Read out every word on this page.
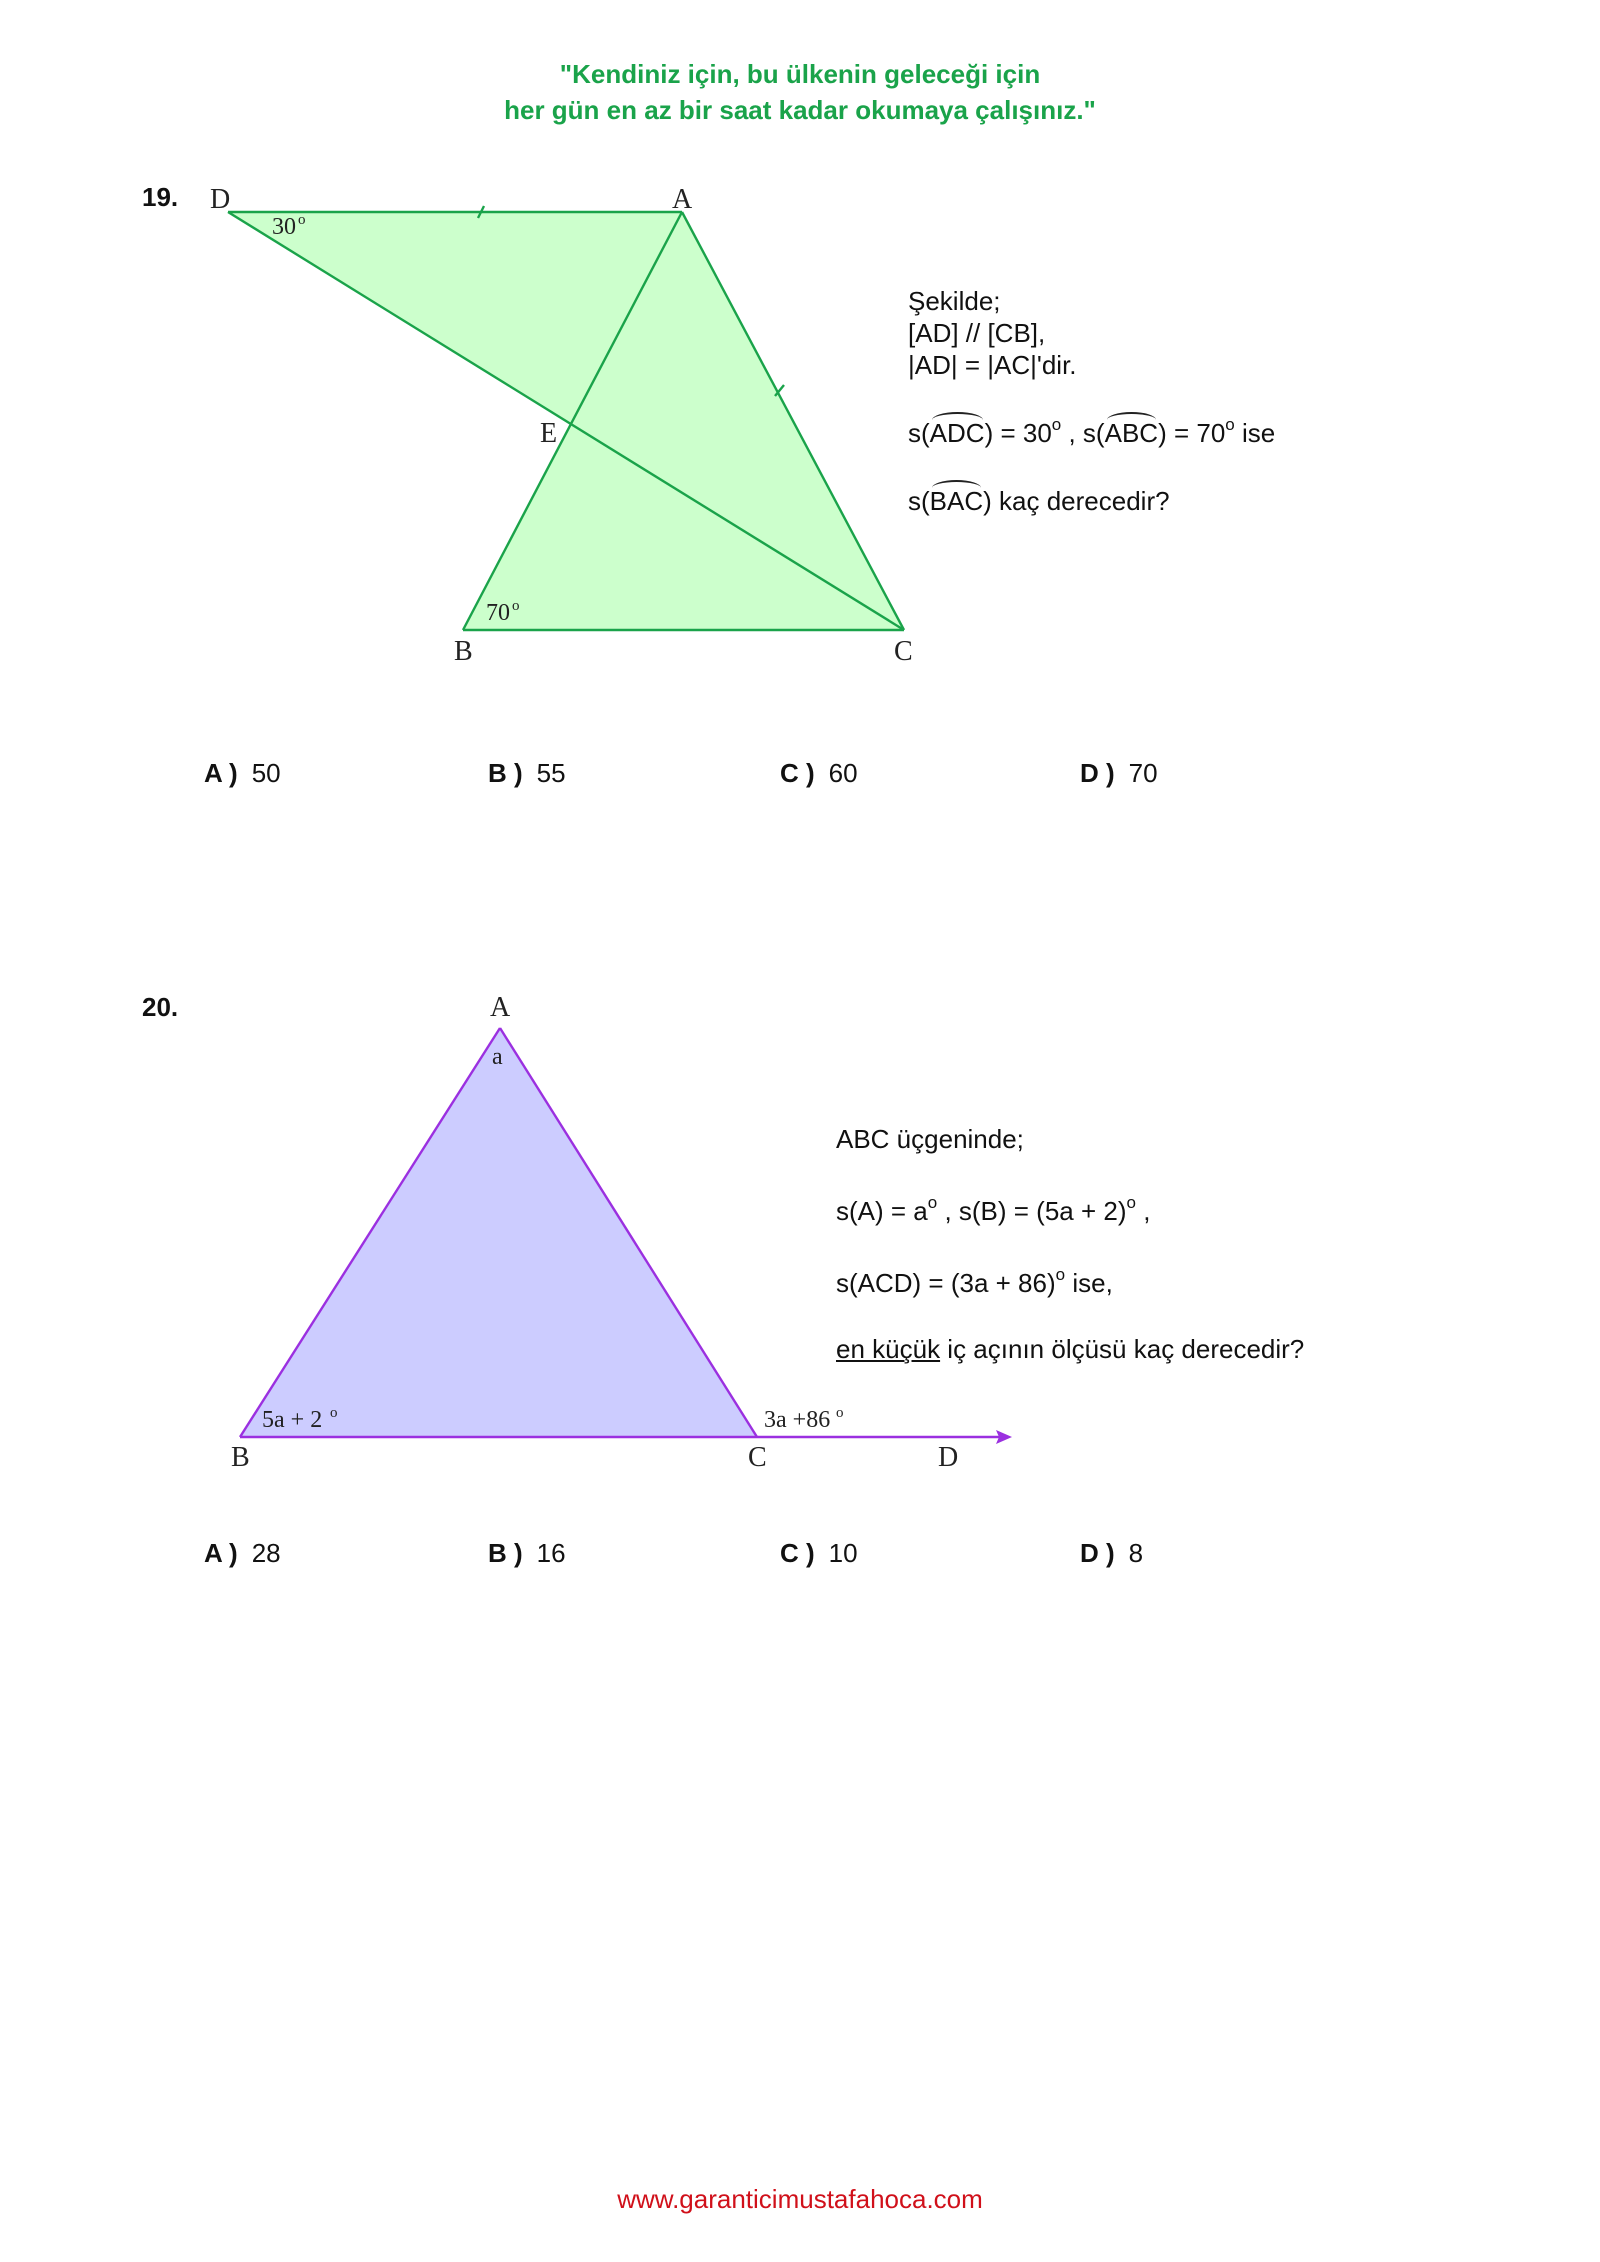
"Kendiniz için, bu ülkenin geleceği için
her gün en az bir saat kadar okumaya çalışınız."
19. D	A
E
B	C
30 o
70 o
Şekilde;
[AD] // [CB],
|AD| = |AC|'dir.
$s(ADC) = 30^o$ , $s(ABC) = 70^o$ ise
s(BAC) kaç derecedir?
A ) 50	B ) 55	C ) 60	D ) 70
20.	A
B	C	D
a
5a + 2 o	3a +86 o
ABC üçgeninde;
$s(A) = a^o$ , $s(B) = (5a + 2)^o$ ,
$s(ACD) = (3a + 86)^o$ ise,
en küçük iç açının ölçüsü kaç derecedir?
A ) 28	B ) 16	C ) 10	D ) 8
www.garanticimustafahoca.com
